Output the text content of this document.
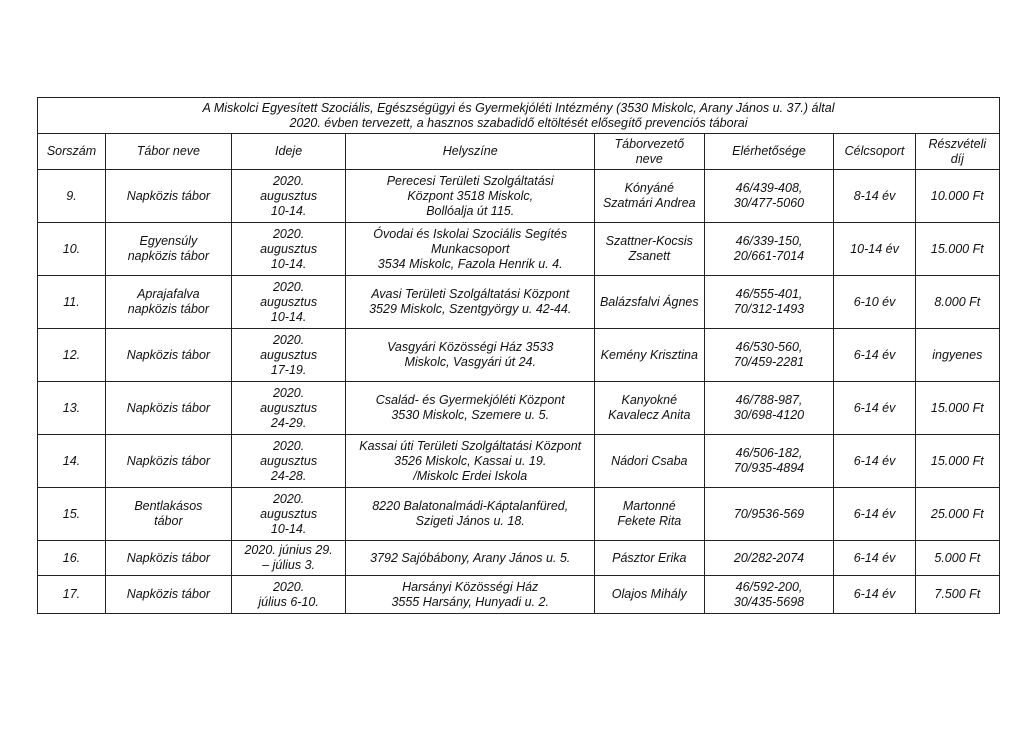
A Miskolci Egyesített Szociális, Egészségügyi és Gyermekjóléti Intézmény (3530 Miskolc, Arany János u. 37.) által
2020. évben tervezett, a hasznos szabadidő eltöltését elősegítő prevenciós táborai							

Sorszám	Tábor neve	Ideje	Helyszíne	Táborvezető
neve	Elérhetősége	Célcsoport	Részvételi
díj

9.	Napközis tábor	2020.
augusztus
10-14.	Perecesi Területi Szolgáltatási
Központ 3518 Miskolc,
Bollóalja út 115.	Kónyáné
Szatmári Andrea	46/439-408,
30/477-5060	8-14 év	10.000 Ft
10.	Egyensúly
napközis tábor	2020.
augusztus
10-14.	Óvodai és Iskolai Szociális Segítés
Munkacsoport
3534 Miskolc, Fazola Henrik u. 4.	Szattner-Kocsis
Zsanett	46/339-150,
20/661-7014	10-14 év	15.000 Ft
11.	Aprajafalva
napközis tábor	2020.
augusztus
10-14.	Avasi Területi Szolgáltatási Központ
3529 Miskolc, Szentgyörgy u. 42-44.	Balázsfalvi Ágnes	46/555-401,
70/312-1493	6-10 év	8.000 Ft
12.	Napközis tábor	2020.
augusztus
17-19.	Vasgyári Közösségi Ház 3533
Miskolc, Vasgyári út 24.	Kemény Krisztina	46/530-560,
70/459-2281	6-14 év	ingyenes
13.	Napközis tábor	2020.
augusztus
24-29.	Család- és Gyermekjóléti Központ
3530 Miskolc, Szemere u. 5.	Kanyokné
Kavalecz Anita	46/788-987,
30/698-4120	6-14 év	15.000 Ft
14.	Napközis tábor	2020.
augusztus
24-28.	Kassai úti Területi Szolgáltatási Központ
3526 Miskolc, Kassai u. 19.
/Miskolc Erdei Iskola	Nádori Csaba	46/506-182,
70/935-4894	6-14 év	15.000 Ft
15.	Bentlakásos
tábor	2020.
augusztus
10-14.	8220 Balatonalmádi-Káptalanfüred,
Szigeti János u. 18.	Martonné
Fekete Rita	70/9536-569	6-14 év	25.000 Ft
16.	Napközis tábor	2020. június 29.
– július 3.	3792 Sajóbábony, Arany János u. 5.	Pásztor Erika	20/282-2074	6-14 év	5.000 Ft
17.	Napközis tábor	2020.
július 6-10.	Harsányi Közösségi Ház
3555 Harsány, Hunyadi u. 2.	Olajos Mihály	46/592-200,
30/435-5698	6-14 év	7.500 Ft
